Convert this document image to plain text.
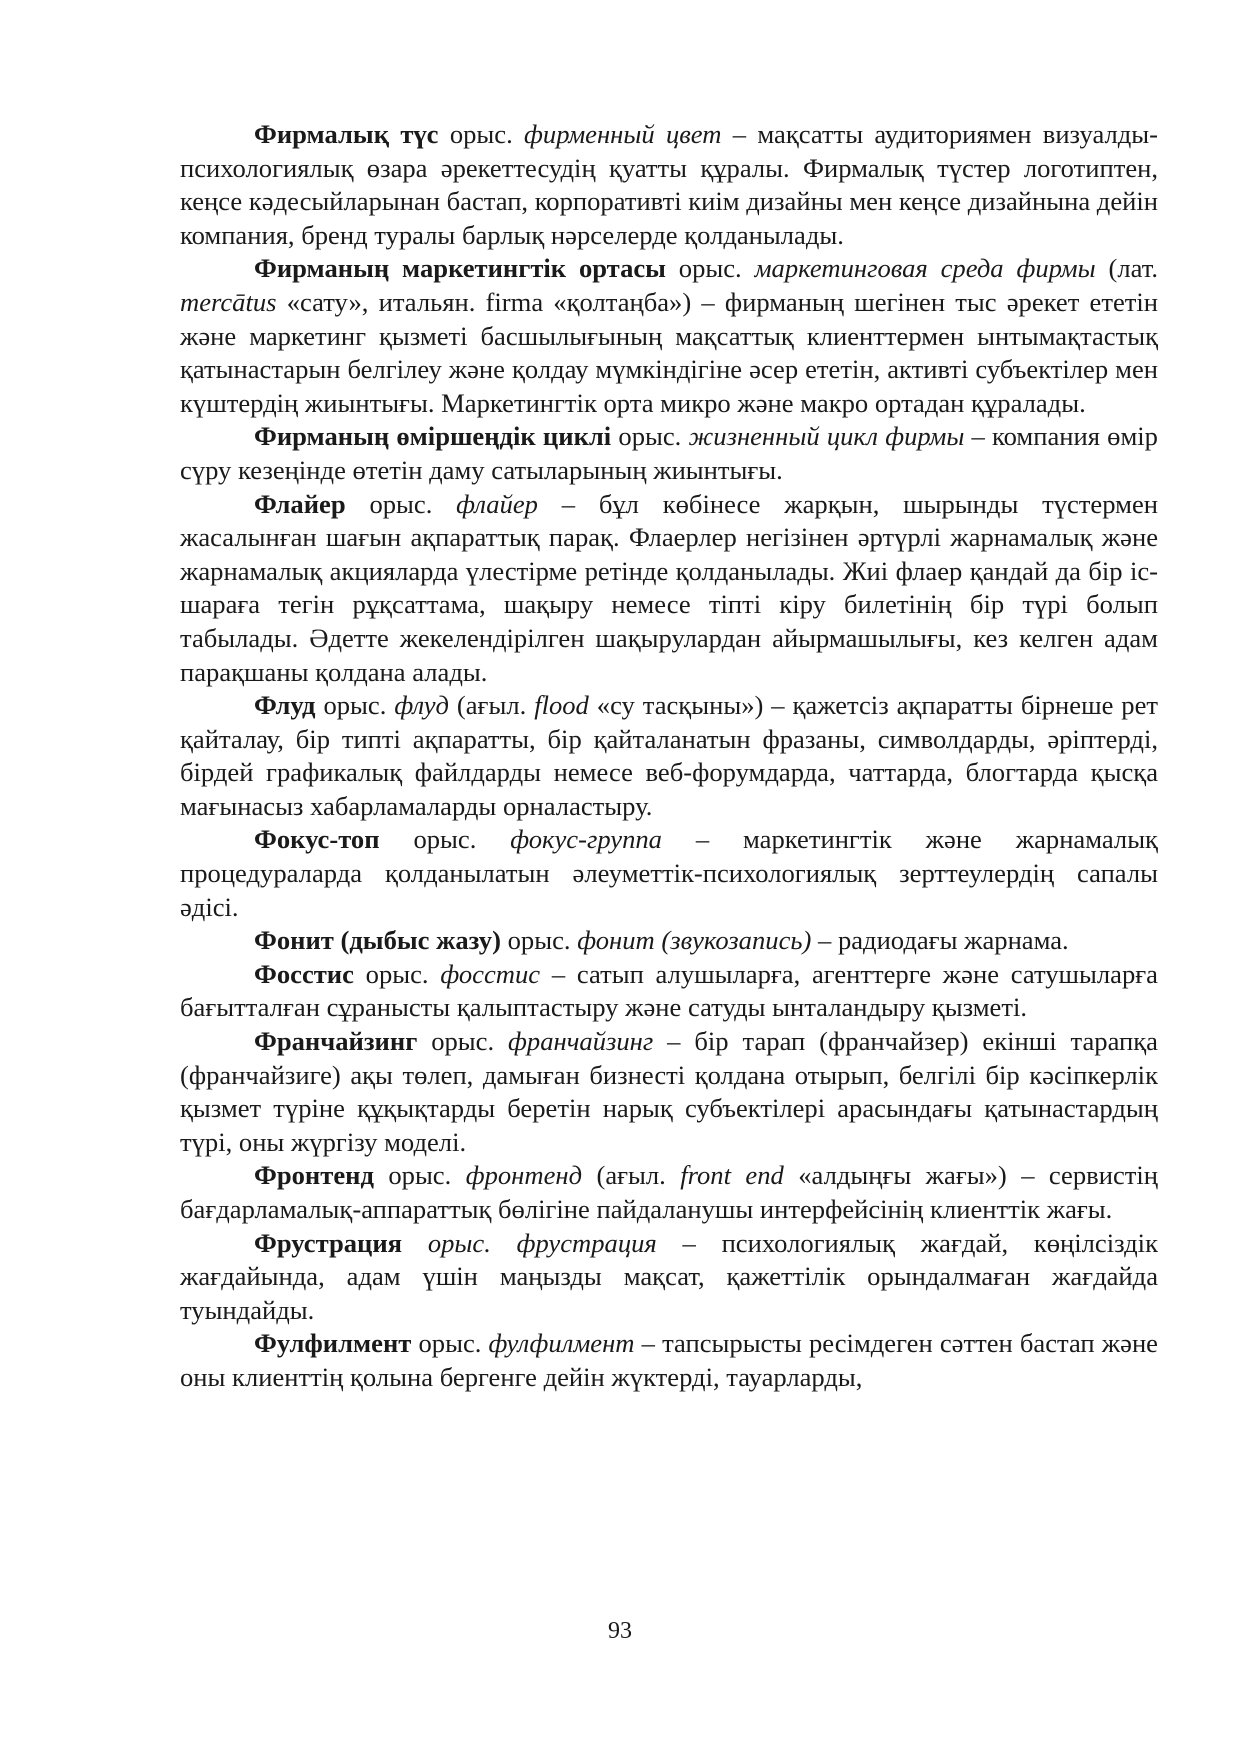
Фирмалық түс орыс. фирменный цвет – мақсатты аудиториямен визуалды-психологиялық өзара әрекеттесудің қуатты құралы. Фирмалық түстер логотиптен, кеңсе кәдесыйларынан бастап, корпоративті киім дизайны мен кеңсе дизайнына дейін компания, бренд туралы барлық нәрселерде қолданылады.

Фирманың маркетингтік ортасы орыс. маркетинговая среда фирмы (лат. mercātus «сату», итальян. firma «қолтаңба») – фирманың шегінен тыс әрекет ететін және маркетинг қызметі басшылығының мақсаттық клиенттермен ынтымақтастық қатынастарын белгілеу және қолдау мүмкіндігіне әсер ететін, активті субъектілер мен күштердің жиынтығы. Маркетингтік орта микро және макро ортадан құралады.

Фирманың өміршеңдік циклі орыс. жизненный цикл фирмы – компания өмір сүру кезеңінде өтетін даму сатыларының жиынтығы.

Флайер орыс. флайер – бұл көбінесе жарқын, шырынды түстермен жасалынған шағын ақпараттық парақ. Флаерлер негізінен әртүрлі жарнамалық және жарнамалық акцияларда үлестірме ретінде қолданылады. Жиі флаер қандай да бір іс-шараға тегін рұқсаттама, шақыру немесе тіпті кіру билетінің бір түрі болып табылады. Әдетте жекелендірілген шақырулардан айырмашылығы, кез келген адам парақшаны қолдана алады.

Флуд орыс. флуд (ағыл. flood «су тасқыны») – қажетсіз ақпаратты бірнеше рет қайталау, бір типті ақпаратты, бір қайталанатын фразаны, символдарды, әріптерді, бірдей графикалық файлдарды немесе веб-форумдарда, чаттарда, блогтарда қысқа мағынасыз хабарламаларды орналастыру.

Фокус-топ орыс. фокус-группа – маркетингтік және жарнамалық процедураларда қолданылатын әлеуметтік-психологиялық зерттеулердің сапалы әдісі.

Фонит (дыбыс жазу) орыс. фонит (звукозапись) – радиодағы жарнама.

Фосстис орыс. фосстис – сатып алушыларға, агенттерге және сатушыларға бағытталған сұранысты қалыптастыру және сатуды ынталандыру қызметі.

Франчайзинг орыс. франчайзинг – бір тарап (франчайзер) екінші тарапқа (франчайзиге) ақы төлеп, дамыған бизнесті қолдана отырып, белгілі бір кәсіпкерлік қызмет түріне құқықтарды беретін нарық субъектілері арасындағы қатынастардың түрі, оны жүргізу моделі.

Фронтенд орыс. фронтенд (ағыл. front end «алдыңғы жағы») – сервистің бағдарламалық-аппараттық бөлігіне пайдаланушы интерфейсінің клиенттік жағы.

Фрустрация орыс. фрустрация – психологиялық жағдай, көңілсіздік жағдайында, адам үшін маңызды мақсат, қажеттілік орындалмаған жағдайда туындайды.

Фулфилмент орыс. фулфилмент – тапсырысты ресімдеген сәттен бастап және оны клиенттің қолына бергенге дейін жүктерді, тауарларды,

93
